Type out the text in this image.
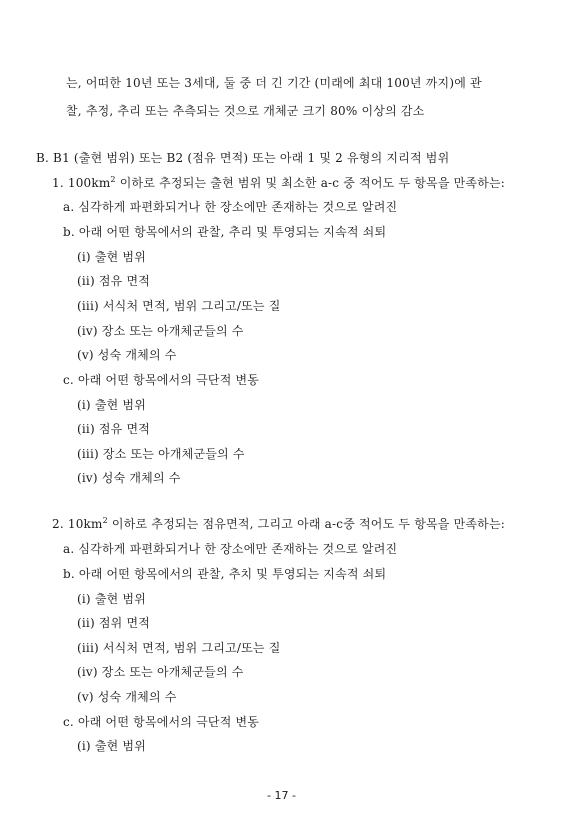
는, 어떠한 10년 또는 3세대, 둘 중 더 긴 기간 (미래에 최대 100년 까지)에 관
찰, 추정, 추리 또는 추측되는 것으로 개체군 크기 80% 이상의 감소
B. B1 (출현 범위) 또는 B2 (점유 면적) 또는 아래 1 및 2 유형의 지리적 범위
1. $100km^2$ 이하로 추정되는 출현 범위 및 최소한 a-c 중 적어도 두 항목을 만족하는:
a. 심각하게 파편화되거나 한 장소에만 존재하는 것으로 알려진
b. 아래 어떤 항목에서의 관찰, 추리 및 투영되는 지속적 쇠퇴
(i) 출현 범위
(ii) 점유 면적
(iii) 서식처 면적, 범위 그리고/또는 질
(iv) 장소 또는 아개체군들의 수
(v) 성숙 개체의 수
c. 아래 어떤 항목에서의 극단적 변동
(i) 출현 범위
(ii) 점유 면적
(iii) 장소 또는 아개체군들의 수
(iv) 성숙 개체의 수
2. $10km^2$ 이하로 추정되는 점유면적, 그리고 아래 a-c중 적어도 두 항목을 만족하는:
a. 심각하게 파편화되거나 한 장소에만 존재하는 것으로 알려진
b. 아래 어떤 항목에서의 관찰, 추치 및 투영되는 지속적 쇠퇴
(i) 출현 범위
(ii) 점위 면적
(iii) 서식처 면적, 범위 그리고/또는 질
(iv) 장소 또는 아개체군들의 수
(v) 성숙 개체의 수
c. 아래 어떤 항목에서의 극단적 변동
(i) 출현 범위
- 17 -
